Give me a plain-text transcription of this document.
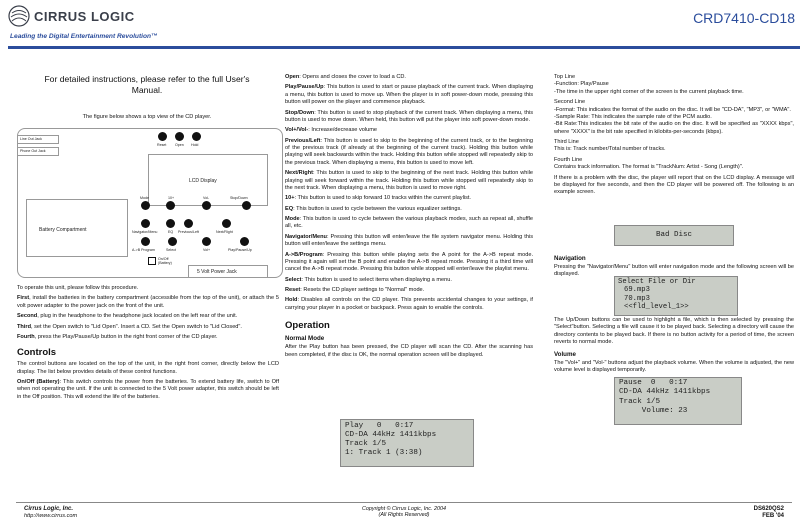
CIRRUS LOGIC
Leading the Digital Entertainment Revolution™
CRD7410-CD18
For detailed instructions, please refer to the full User's Manual.
The figure below shows a top view of the CD player.
Line Out Jack
Phone Out Jack
Reset Open Hold
LCD Display
Battery Compartment
Mode	10+	Vol-	Stop/Down
Navigator/Menu	EQ Previous/Left	Next/Right
A->B Program	Select	Vol+	Play/Pause/Up
On/Off (Battery)
5 Volt Power Jack

To operate this unit, please follow this procedure.

First, install the batteries in the battery compartment (accessible from the top of the unit), or attach the 5 volt power adapter to the power jack on the front of the unit.

Second, plug in the headphone to the headphone jack located on the left rear of the unit.

Third, set the Open switch to "Lid Open". Insert a CD. Set the Open switch to "Lid Closed".

Fourth, press the Play/Pause/Up button in the right front corner of the CD player.

Controls

The control buttons are located on the top of the unit, in the right front corner, directly below the LCD display. The list below provides details of these control functions.

On/Off (Battery): This switch controls the power from the batteries. To extend battery life, switch to Off when not operating the unit. If the unit is connected to the 5 Volt power adapter, this switch should be left in the Off position. This will extend the life of the batteries.

Open: Opens and closes the cover to load a CD.

Play/Pause/Up: This button is used to start or pause playback of the current track. When displaying a menu, this button is used to move up. When the player is in soft power-down mode, pressing this button will power on the player and commence playback.

Stop/Down: This button is used to stop playback of the current track. When displaying a menu, this button is used to move down. When held, this button will put the player into soft power-down mode.

Vol+/Vol-: Increase/decrease volume

Previous/Left: This button is used to skip to the beginning of the current track, or to the beginning of the previous track (if already at the beginning of the current track). Holding this button while playing will seek backwards within the track. Holding this button while stopped will repeatedly skip to the previous track. When displaying a menu, this button is used to move left.

Next/Right: This button is used to skip to the beginning of the next track. Holding this button while playing will seek forward within the track. Holding this button while stopped will repeatedly skip to the next track. When displaying a menu, this button is used to move right.

10+: This button is used to skip forward 10 tracks within the current playlist.

EQ: This button is used to cycle between the various equalizer settings.

Mode: This button is used to cycle between the various playback modes, such as repeat all, shuffle all, etc.

Navigator/Menu: Pressing this button will enter/leave the file system navigator menu. Holding this button will enter/leave the settings menu.

A->B/Program: Pressing this button while playing sets the A point for the A->B repeat mode. Pressing it again will set the B point and enable the A->B repeat mode. Pressing it a third time will cancel the A->B repeat mode. Pressing this button while stopped will enter/leave the playlist menu.

Select: This button is used to select items when displaying a menu.

Reset: Resets the CD player settings to "Normal" mode.

Hold: Disables all controls on the CD player. This prevents accidental changes to your settings, if carrying your player in a pocket or backpack. Press again to enable the controls.

Operation
Normal Mode

After the Play button has been pressed, the CD player will scan the CD. After the scanning has been completed, if the disc is OK, the normal operation screen will be displayed.

Play   0   0:17
CD-DA 44kHz 1411kbps
Track 1/5
1: Track 1 (3:38)
Top Line
-Function: Play/Pause
-The time in the upper right corner of the screen is the current playback time.
Second Line
-Format: This indicates the format of the audio on the disc. It will be "CD-DA", "MP3", or "WMA".
-Sample Rate: This indicates the sample rate of the PCM audio.
-Bit Rate:This indicates the bit rate of the audio on the disc. It will be specified as "XXXX kbps", where "XXXX" is the bit rate specified in kilobits-per-seconds (kbps).
Third Line
This is: Track number/Total number of tracks.
Fourth Line
Contains track information. The format is "TrackNum: Artist - Song (Length)".
If there is a problem with the disc, the player will report that on the LCD display. A message will be displayed for five seconds, and then the CD player will be powered off. The following is an example screen.
Bad Disc
Navigation

Pressing the "Navigator/Menu" button will enter navigation mode and the following screen will be displayed.

Select File or Dir
69.mp3
70.mp3
<<fld_level_1>>

The Up/Down buttons can be used to highlight a file, which is then selected by pressing the "Select"button. Selecting a file will cause it to be played back. Selecting a directory will cause the directory contents to be played back. If there is no button activity for a period of time, the screen reverts to normal mode.

Volume

The "Vol+" and "Vol-" buttons adjust the playback volume. When the volume is adjusted, the new volume level is displayed temporarily.

Pause  0   0:17
CD-DA 44kHz 1411kbps
Track 1/5
Volume: 23
Cirrus Logic, Inc.
http://www.cirrus.com
Copyright © Cirrus Logic, Inc. 2004
(All Rights Reserved)
DS620QS2
FEB '04
